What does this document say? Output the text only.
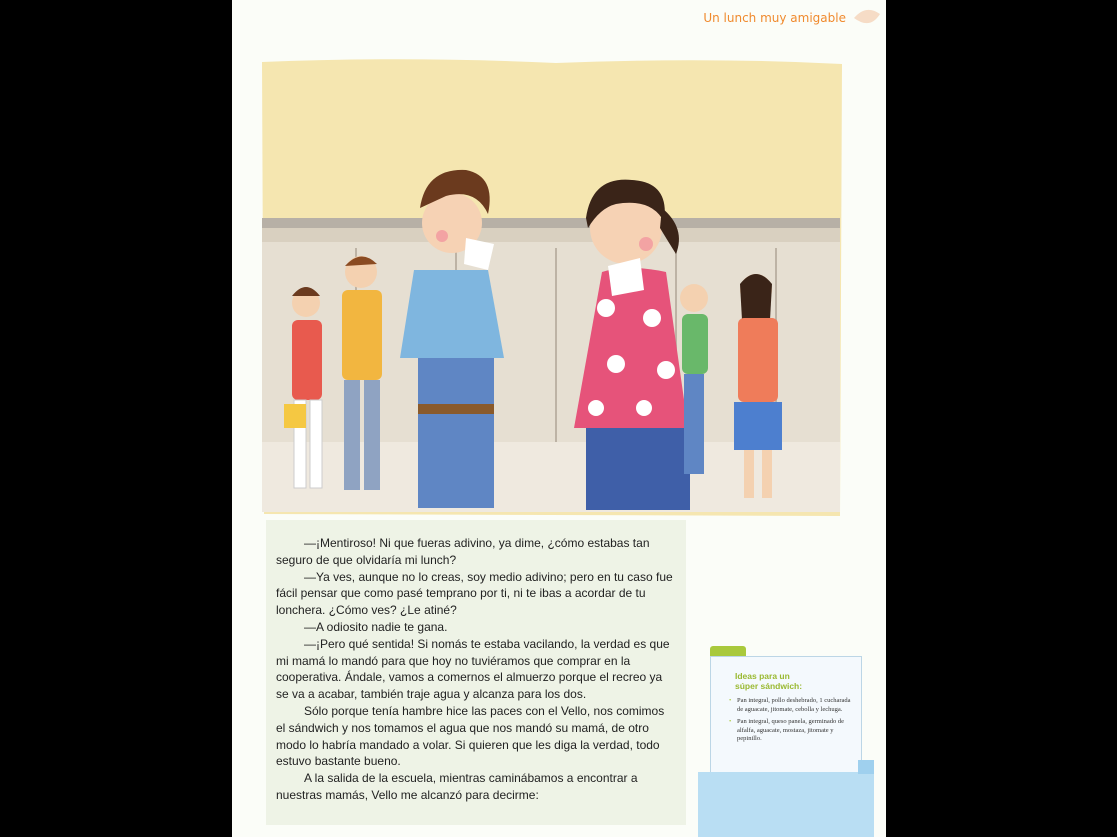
Un lunch muy amigable

—¡Mentiroso! Ni que fueras adivino, ya dime, ¿cómo estabas tan seguro de que olvidaría mi lunch?

—Ya ves, aunque no lo creas, soy medio adivino; pero en tu caso fue fácil pensar que como pasé temprano por ti, ni te ibas a acordar de tu lonchera. ¿Cómo ves? ¿Le atiné?

—A odiosito nadie te gana.

—¡Pero qué sentida! Si nomás te estaba vacilando, la verdad es que mi mamá lo mandó para que hoy no tuviéramos que comprar en la cooperativa. Ándale, vamos a comernos el almuerzo porque el recreo ya se va a acabar, también traje agua y alcanza para los dos.

Sólo porque tenía hambre hice las paces con el Vello, nos comimos el sándwich y nos tomamos el agua que nos mandó su mamá, de otro modo lo habría mandado a volar. Si quieren que les diga la verdad, todo estuvo bastante bueno.

A la salida de la escuela, mientras caminábamos a encontrar a nuestras mamás, Vello me alcanzó para decirme:

Ideas para un
súper sándwich:
• Pan integral, pollo deshebrado, 1 cucharada de aguacate, jitomate, cebolla y lechuga.
• Pan integral, queso panela, germinado de alfalfa, aguacate, mostaza, jitomate y pepinillo.
